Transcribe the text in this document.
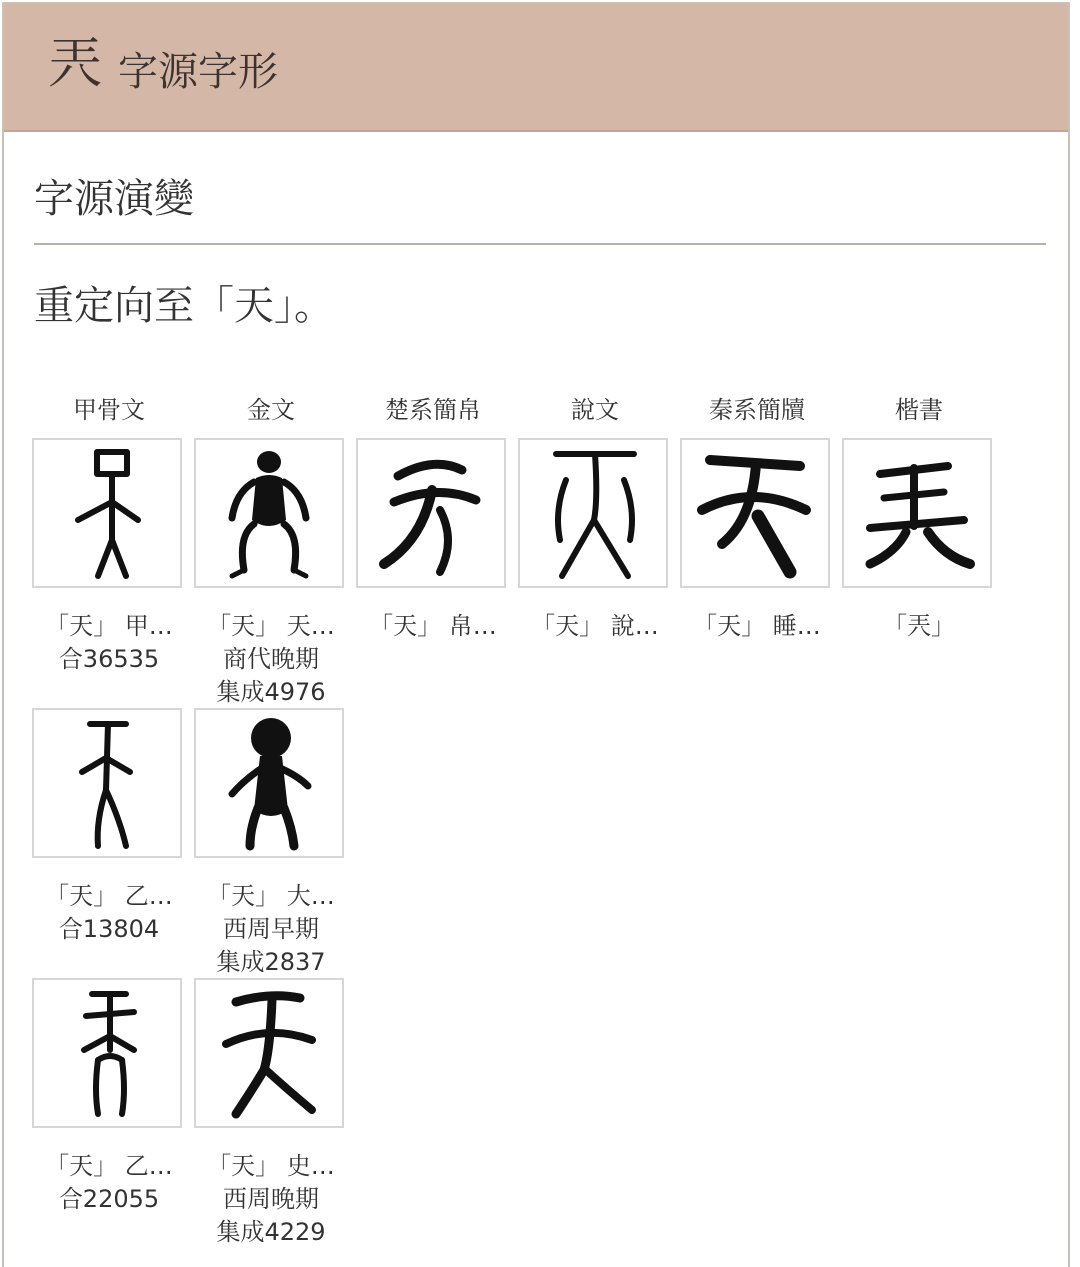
兲 字源字形
字源演變
重定向至「天」。
甲骨文	金文	楚系簡帛	說文	秦系簡牘	楷書
「天」 甲…
合36535
「天」 天…
商代晚期
集成4976
「天」 帛…	「天」 說…	「天」 睡…	「兲」
「天」 乙…
合13804
「天」 大…
西周早期
集成2837
「天」 乙…
合22055
「天」 史…
西周晚期
集成4229
